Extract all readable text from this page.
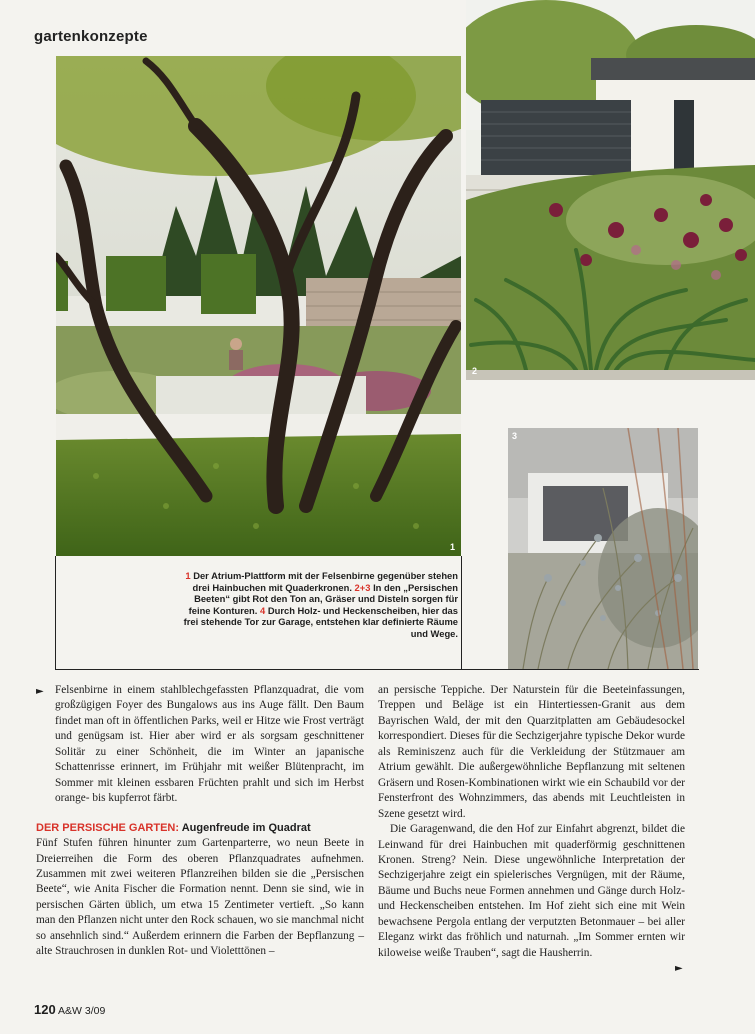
gartenkonzepte
1
2
3
1 Der Atrium-Plattform mit der Felsenbirne gegenüber stehen drei Hainbuchen mit Quaderkronen. 2+3 In den „Persischen Beeten“ gibt Rot den Ton an, Gräser und Disteln sorgen für feine Konturen. 4 Durch Holz- und Heckenscheiben, hier das frei stehende Tor zur Garage, entstehen klar definierte Räume und Wege.

► Felsenbirne in einem stahlblechgefassten Pflanzquadrat, die vom großzügigen Foyer des Bungalows aus ins Auge fällt. Den Baum findet man oft in öffentlichen Parks, weil er Hitze wie Frost verträgt und genügsam ist. Hier aber wird er als sorgsam geschnittener Solitär zu einer Schönheit, die im Winter an japanische Schattenrisse erinnert, im Frühjahr mit weißer Blütenpracht, im Sommer mit kleinen essbaren Früchten prahlt und sich im Herbst orange- bis kupferrot färbt.

DER PERSISCHE GARTEN: Augenfreude im Quadrat

Fünf Stufen führen hinunter zum Gartenparterre, wo neun Beete in Dreierreihen die Form des oberen Pflanzquadrates aufnehmen. Zusammen mit zwei weiteren Pflanzreihen bilden sie die „Persischen Beete“, wie Anita Fischer die Formation nennt. Denn sie sind, wie in persischen Gärten üblich, um etwa 15 Zentimeter vertieft. „So kann man den Pflanzen nicht unter den Rock schauen, wo sie manchmal nicht so ansehnlich sind.“ Außerdem erinnern die Farben der Bepflanzung – alte Strauchrosen in dunklen Rot- und Violetttönen –

an persische Teppiche. Der Naturstein für die Beeteinfassungen, Treppen und Beläge ist ein Hintertiessen-Granit aus dem Bayrischen Wald, der mit den Quarzitplatten am Gebäudesockel korrespondiert. Dieses für die Sechzigerjahre typische Dekor wurde als Reminiszenz auch für die Verkleidung der Stützmauer am Atrium gewählt. Die außergewöhnliche Bepflanzung mit seltenen Gräsern und Rosen-Kombinationen wirkt wie ein Schaubild vor der Fensterfront des Wohnzimmers, das abends mit Leuchtleisten in Szene gesetzt wird.

Die Garagenwand, die den Hof zur Einfahrt abgrenzt, bildet die Leinwand für drei Hainbuchen mit quaderförmig geschnittenen Kronen. Streng? Nein. Diese ungewöhnliche Interpretation der Sechzigerjahre zeigt ein spielerisches Vergnügen, mit der Räume, Bäume und Buchs neue Formen annehmen und Gänge durch Holz- und Heckenscheiben entstehen. Im Hof zieht sich eine mit Wein bewachsene Pergola entlang der verputzten Betonmauer – bei aller Eleganz wirkt das fröhlich und naturnah. „Im Sommer ernten wir kiloweise weiße Trauben“, sagt die Hausherrin.

►
120 A&W 3/09
